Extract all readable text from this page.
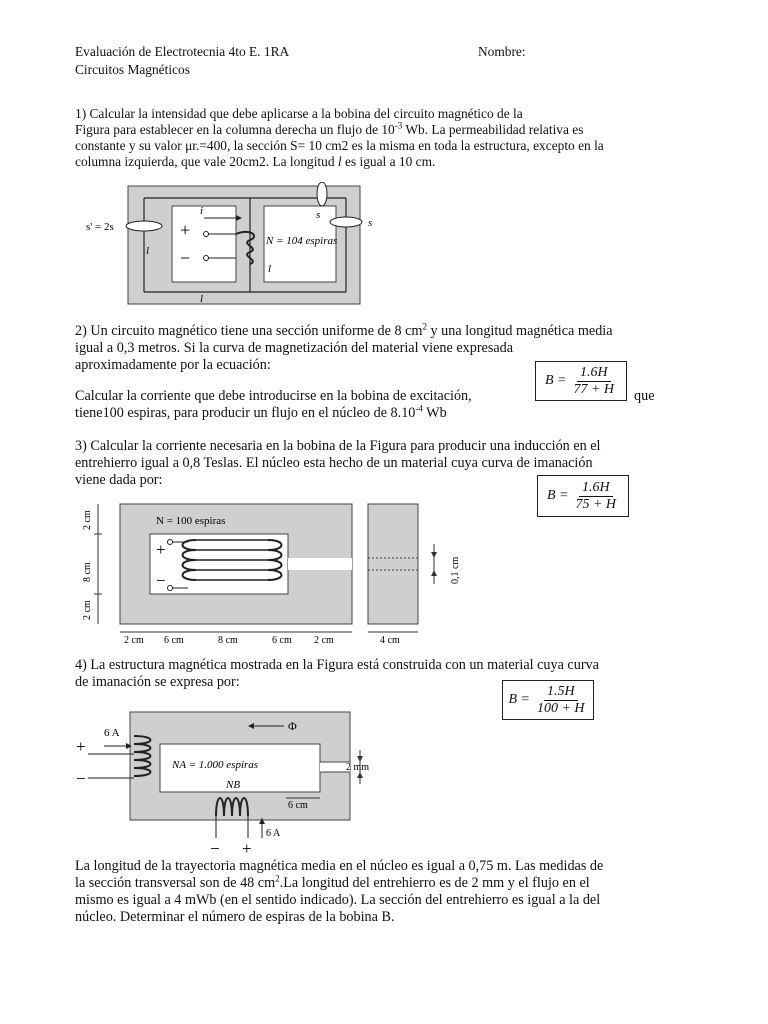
Evaluación de Electrotecnia 4to E. 1RA	Nombre:
Circuitos Magnéticos
1) Calcular la intensidad que debe aplicarse a la bobina del circuito magnético de la
Figura para establecer en la columna derecha un flujo de $10^{-3}$ Wb. La permeabilidad relativa es
constante y su valor μr.=400, la sección S= 10 cm2 es la misma en toda la estructura, excepto en la
columna izquierda, que vale 20cm2. La longitud l es igual a 10 cm.
s' = 2s
s
s
l
l
l
i
+
−
N = 104 espiras
2) Un circuito magnético tiene una sección uniforme de 8 $cm^2$ y una longitud magnética media
igual a 0,3 metros. Si la curva de magnetización del material viene expresada
aproximadamente por la ecuación:
$B = \frac{1.6H}{77 + H}$
Calcular la corriente que debe introducirse en la bobina de excitación,	que
tiene100 espiras, para producir un flujo en el núcleo de $8.10^{-4}$ Wb
3) Calcular la corriente necesaria en la bobina de la Figura para producir una inducción en el
entrehierro igual a 0,8 Teslas. El núcleo esta hecho de un material cuya curva de imanación
viene dada por:
$B = \frac{1.6H}{75 + H}$
N = 100 espiras
+
−
2 cm
8 cm
2 cm
2 cm 6 cm	8 cm	6 cm 2 cm	4 cm
0,1 cm
4) La estructura magnética mostrada en la Figura está construida con un material cuya curva
de imanación se expresa por:
$B = \frac{1.5H}{100 + H}$
6 A
+
−
NA = 1.000 espiras
NB
Φ
2 mm
6 cm
6 A
− +
La longitud de la trayectoria magnética media en el núcleo es igual a 0,75 m. Las medidas de
la sección transversal son de 48 $cm^2.La$ longitud del entrehierro es de 2 mm y el flujo en el
mismo es igual a 4 mWb (en el sentido indicado). La sección del entrehierro es igual a la del
núcleo. Determinar el número de espiras de la bobina B.
